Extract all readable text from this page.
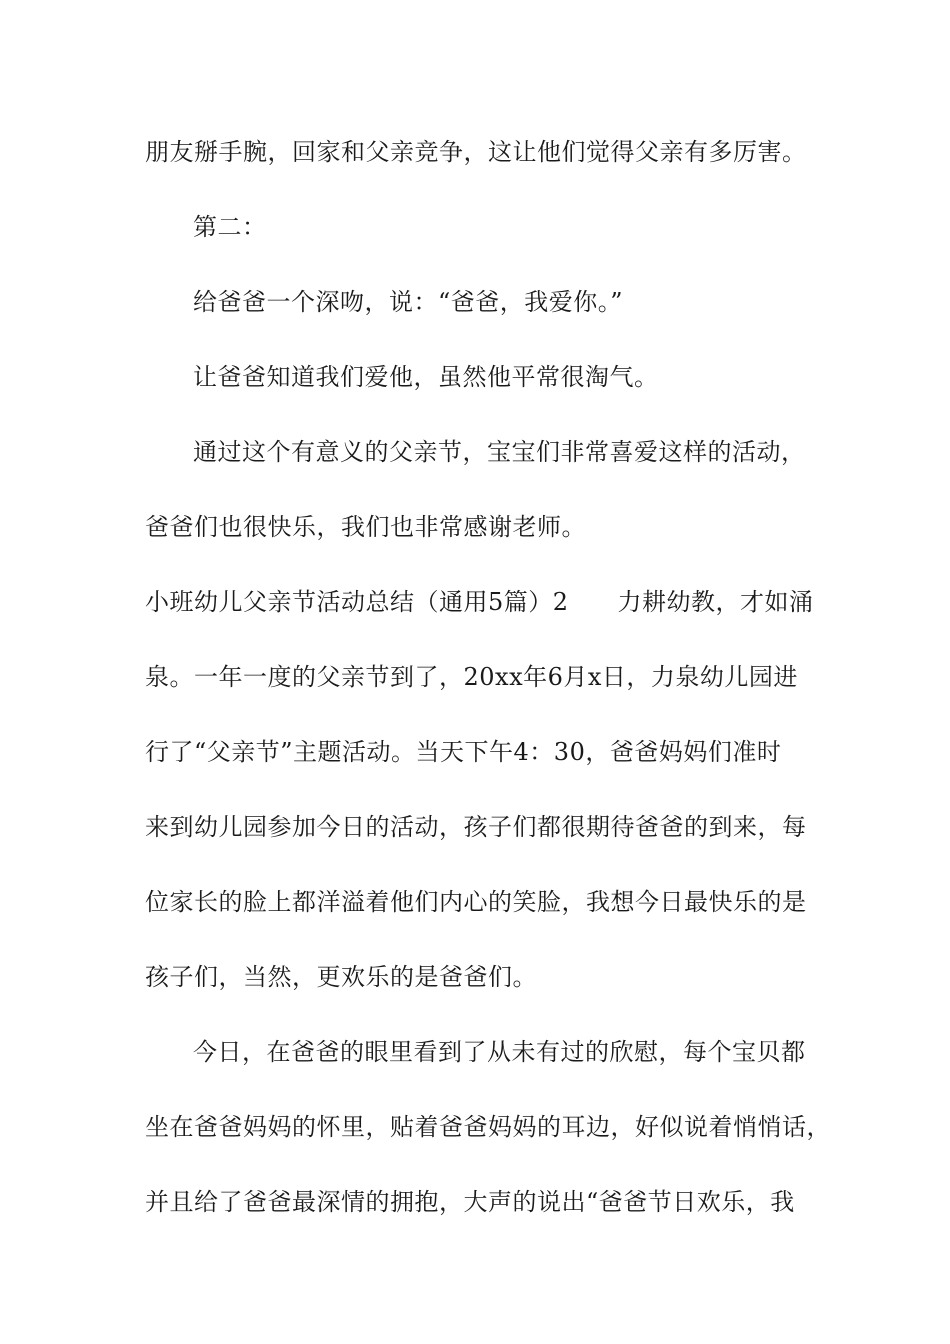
朋友掰手腕，回家和父亲竞争，这让他们觉得父亲有多厉害。
第二：
给爸爸一个深吻，说：“爸爸，我爱你。”
让爸爸知道我们爱他，虽然他平常很淘气。
通过这个有意义的父亲节，宝宝们非常喜爱这样的活动，
爸爸们也很快乐，我们也非常感谢老师。
小班幼儿父亲节活动总结（通用5篇）2　　力耕幼教，才如涌
泉。一年一度的父亲节到了，20xx年6月x日，力泉幼儿园进
行了“父亲节”主题活动。当天下午4：30，爸爸妈妈们准时
来到幼儿园参加今日的活动，孩子们都很期待爸爸的到来，每
位家长的脸上都洋溢着他们内心的笑脸，我想今日最快乐的是
孩子们，当然，更欢乐的是爸爸们。
今日，在爸爸的眼里看到了从未有过的欣慰，每个宝贝都
坐在爸爸妈妈的怀里，贴着爸爸妈妈的耳边，好似说着悄悄话，
并且给了爸爸最深情的拥抱，大声的说出“爸爸节日欢乐，我
